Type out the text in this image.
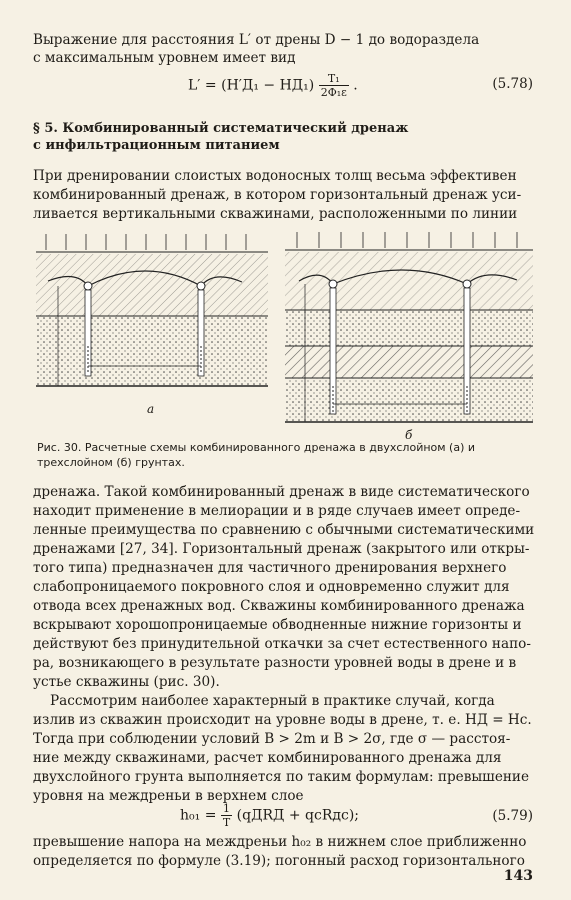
Выражение для расстояния L′ от дрены D − 1 до водораздела
с максимальным уровнем имеет вид
$L' = (H'Д_1 - HД_1) \frac{\text{T₁}}{\text{2Φ₁ε}}$ .	(5.78)
§ 5. Комбинированный систематический дренаж
с инфильтрационным питанием
При дренировании слоистых водоносных толщ весьма эффективен
комбинированный дренаж, в котором горизонтальный дренаж уси-
ливается вертикальными скважинами, расположенными по линии
а
б
Рис. 30. Расчетные схемы комбинированного дренажа в двухслойном (а) и
трехслойном (б) грунтах.
дренажа. Такой комбинированный дренаж в виде систематического
находит применение в мелиорации и в ряде случаев имеет опреде-
ленные преимущества по сравнению с обычными систематическими
дренажами [27, 34]. Горизонтальный дренаж (закрытого или откры-
того типа) предназначен для частичного дренирования верхнего
слабопроницаемого покровного слоя и одновременно служит для
отвода всех дренажных вод. Скважины комбинированного дренажа
вскрывают хорошопроницаемые обводненные нижние горизонты и
действуют без принудительной откачки за счет естественного напо-
ра, возникающего в результате разности уровней воды в дрене и в
устье скважины (рис. 30).
Рассмотрим наиболее характерный в практике случай, когда
излив из скважин происходит на уровне воды в дрене, т. е. HД = Hс.
Тогда при соблюдении условий B > 2m и B > 2σ, где σ — расстоя-
ние между скважинами, расчет комбинированного дренажа для
двухслойного грунта выполняется по таким формулам: превышение
уровня на междреньи в верхнем слое
$h_{01} = \frac{1}{T}$ (qДRД + qсRдс);	(5.79)
превышение напора на междреньи h₀₂ в нижнем слое приближенно
определяется по формуле (3.19); погонный расход горизонтального
143
